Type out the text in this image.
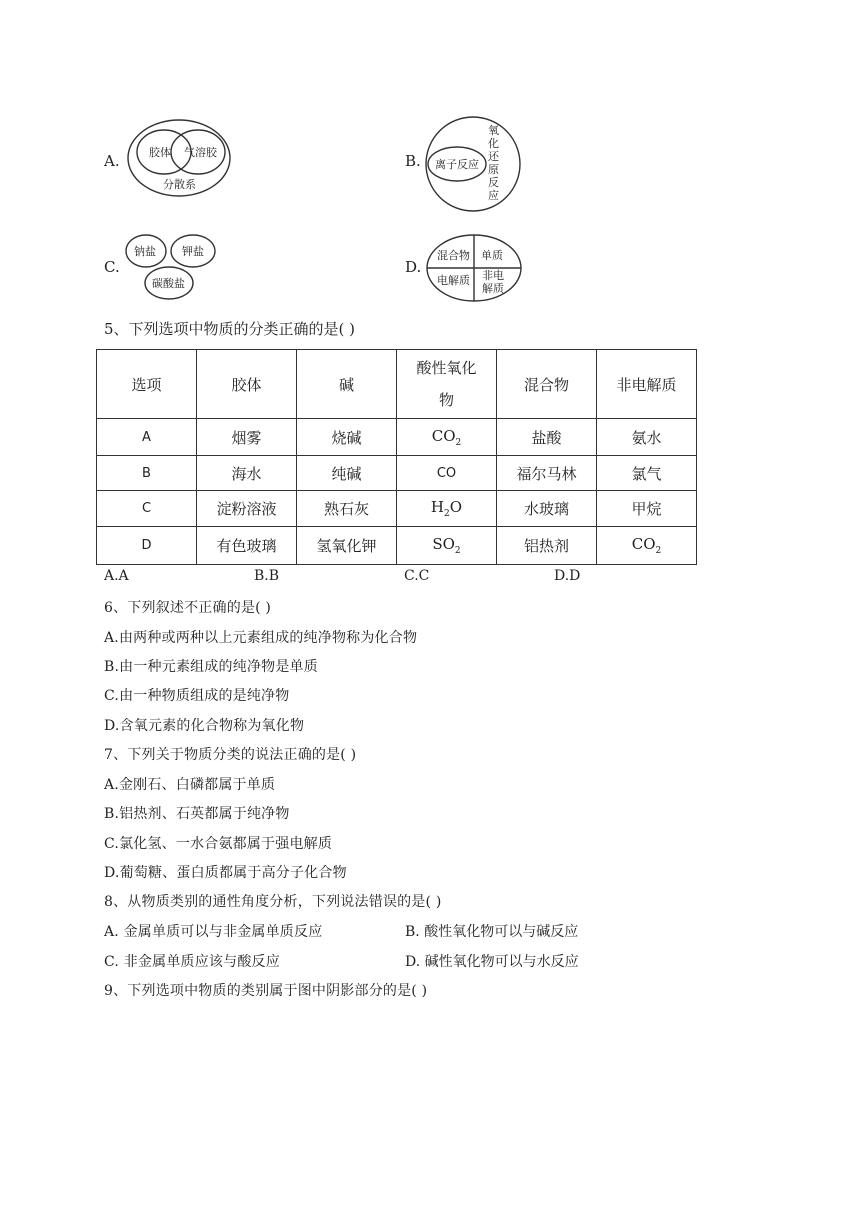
A.	胶体 气溶胶
分散系
B. 离子反应
氧
化
还
原
反
应
C.
钠盐 钾盐
碳酸盐
D.
混合物 单质
电解质 非电
解质
5、下列选项中物质的分类正确的是( )
选项	胶体	碱	酸性氧化
物	混合物	非电解质
A	烟雾	烧碱	$CO_2$	盐酸	氨水
B	海水	纯碱	CO	福尔马林	氯气
C	淀粉溶液	熟石灰	$H_2O$	水玻璃	甲烷
D	有色玻璃	氢氧化钾	$SO_2$	铝热剂	$CO_2$
A.A	B.B	C.C	D.D
6、下列叙述不正确的是( )
A.由两种或两种以上元素组成的纯净物称为化合物
B.由一种元素组成的纯净物是单质
C.由一种物质组成的是纯净物
D.含氧元素的化合物称为氧化物
7、下列关于物质分类的说法正确的是( )
A.金刚石、白磷都属于单质
B.铝热剂、石英都属于纯净物
C.氯化氢、一水合氨都属于强电解质
D.葡萄糖、蛋白质都属于高分子化合物
8、从物质类别的通性角度分析，下列说法错误的是( )
A. 金属单质可以与非金属单质反应	B. 酸性氧化物可以与碱反应
C. 非金属单质应该与酸反应	D. 碱性氧化物可以与水反应
9、下列选项中物质的类别属于图中阴影部分的是( )
